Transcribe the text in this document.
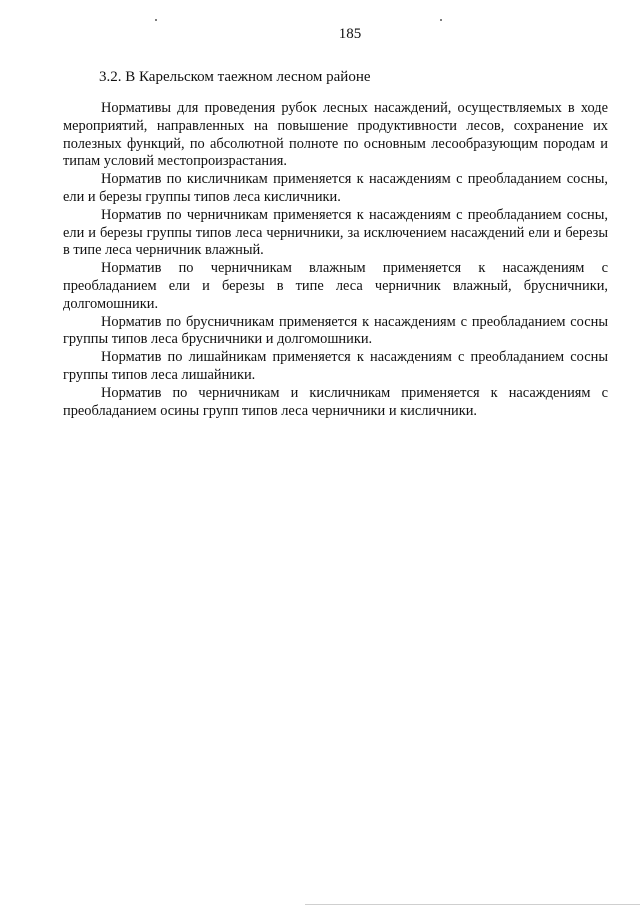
185
3.2. В Карельском таежном лесном районе

Нормативы для проведения рубок лесных насаждений, осуществляемых в ходе мероприятий, направленных на повышение продуктивности лесов, сохранение их полезных функций, по абсолютной полноте по основным лесообразующим породам и типам условий местопроизрастания.

Норматив по кисличникам применяется к насаждениям с преобладанием сосны, ели и березы группы типов леса кисличники.

Норматив по черничникам применяется к насаждениям с преобладанием сосны, ели и березы группы типов леса черничники, за исключением насаждений ели и березы в типе леса черничник влажный.

Норматив по черничникам влажным применяется к насаждениям с преобладанием ели и березы в типе леса черничник влажный, брусничники, долгомошники.

Норматив по брусничникам применяется к насаждениям с преобладанием сосны группы типов леса брусничники и долгомошники.

Норматив по лишайникам применяется к насаждениям с преобладанием сосны группы типов леса лишайники.

Норматив по черничникам и кисличникам применяется к насаждениям с преобладанием осины групп типов леса черничники и кисличники.
